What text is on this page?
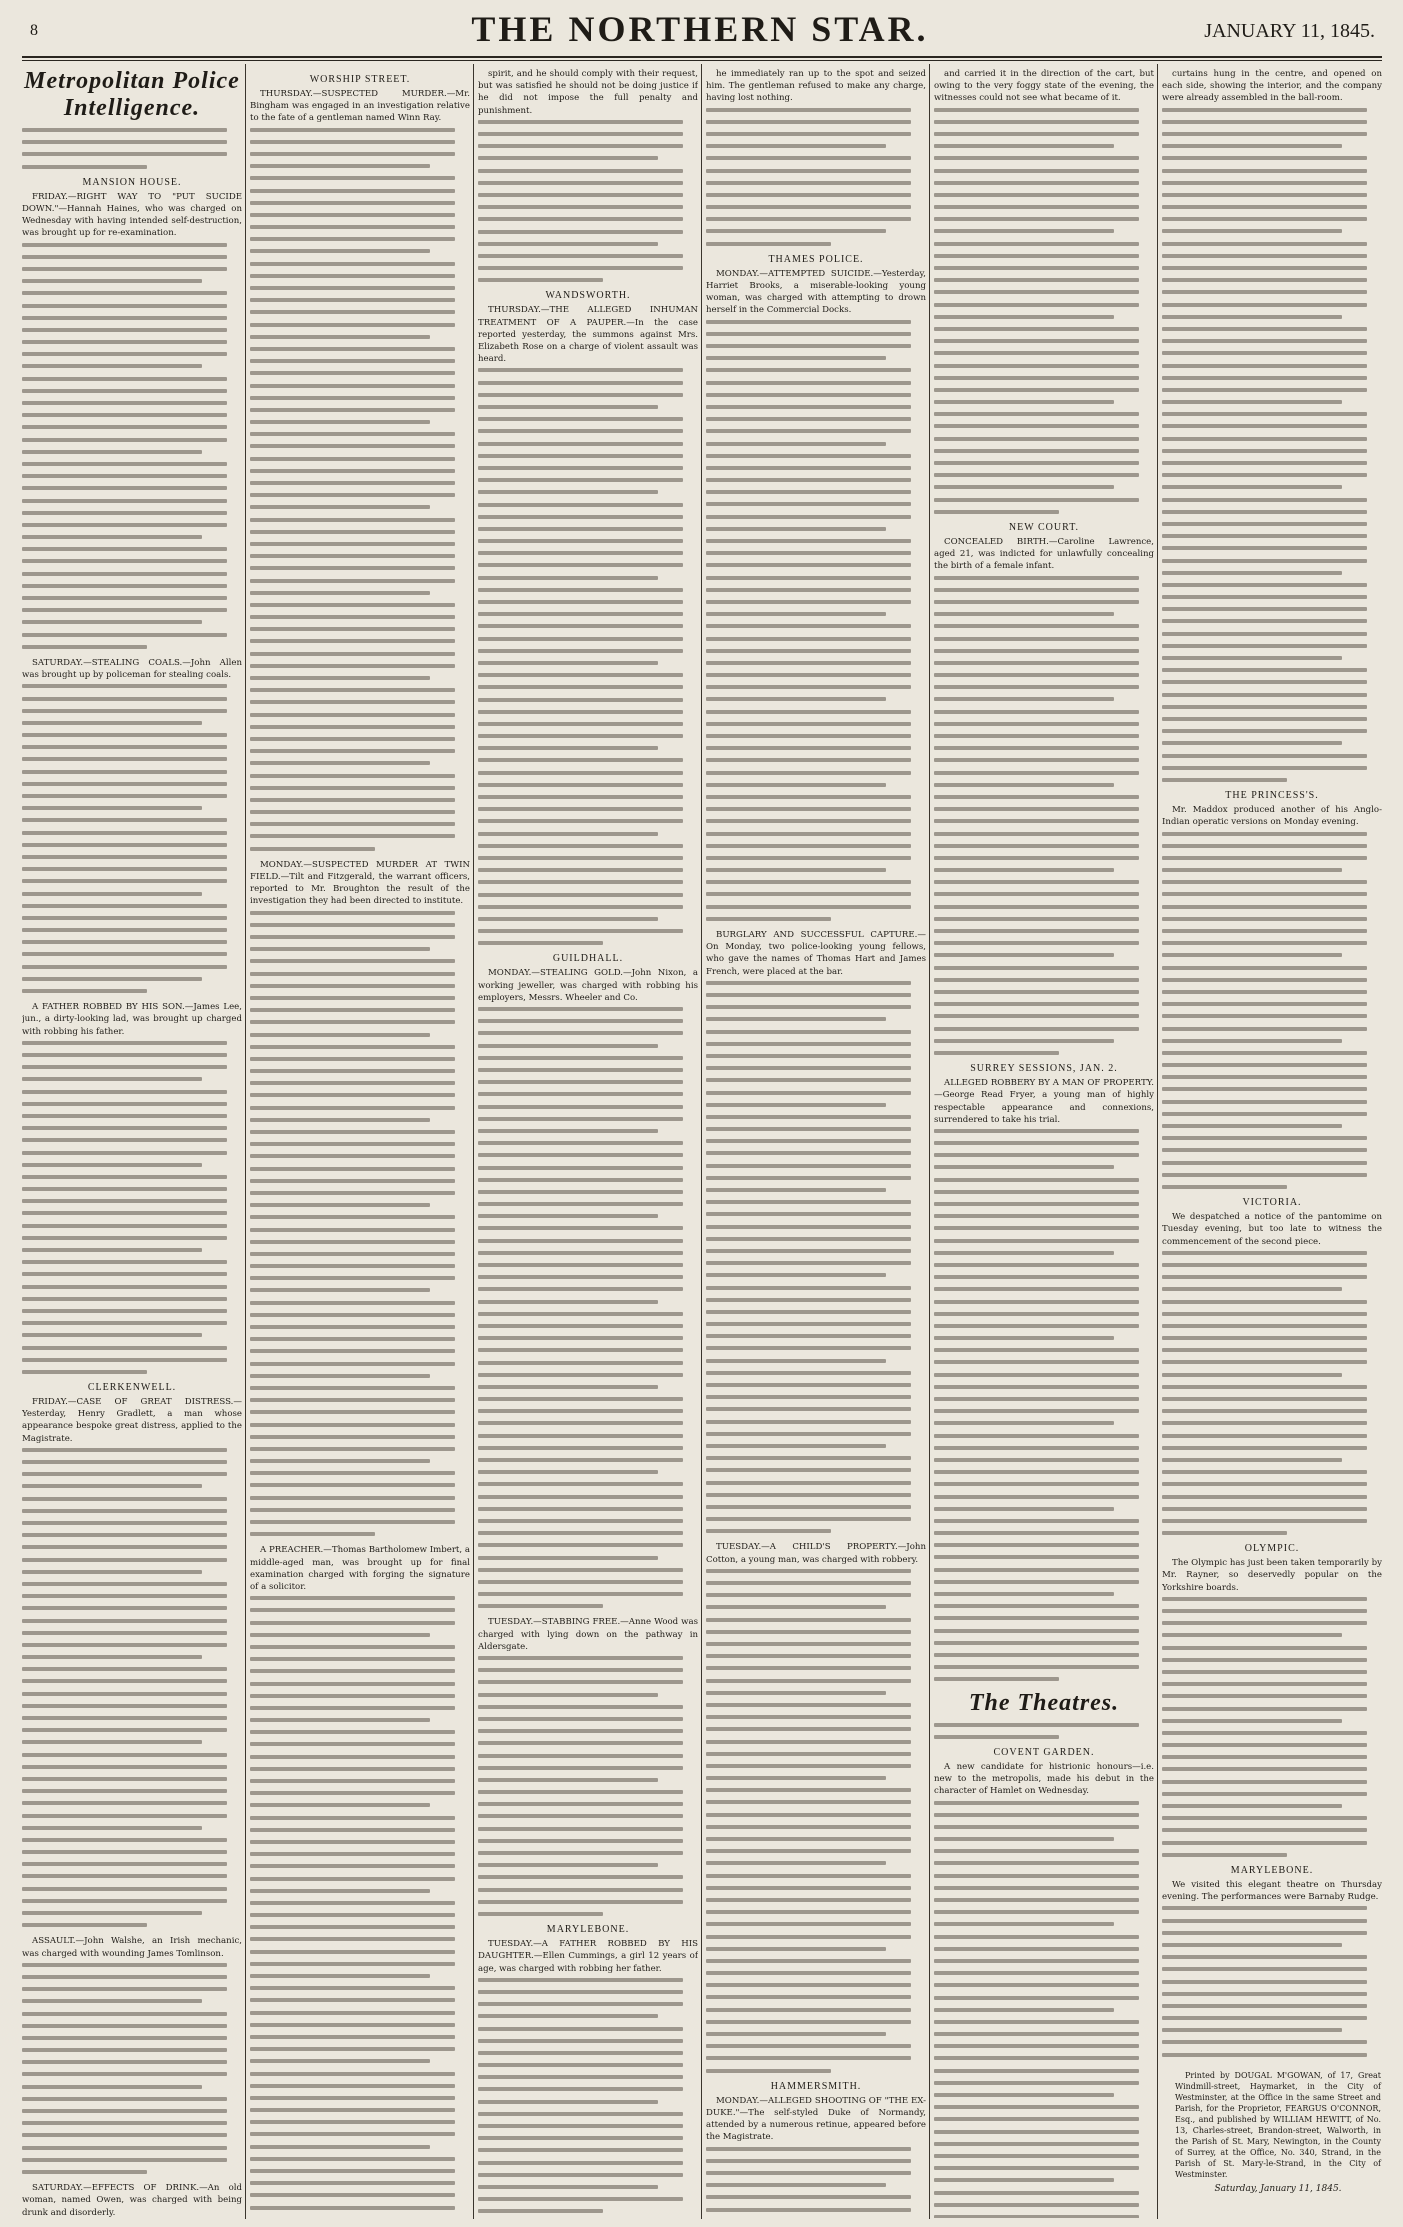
8	THE NORTHERN STAR.	JANUARY 11, 1845.
Metropolitan Police Intelligence.
MANSION HOUSE.

FRIDAY.—RIGHT WAY TO "PUT SUCIDE DOWN."—Hannah Haines, who was charged on Wednesday with having intended self-destruction, was brought up for re-examination.

SATURDAY.—STEALING COALS.—John Allen was brought up by policeman for stealing coals.

A FATHER ROBBED BY HIS SON.—James Lee, jun., a dirty-looking lad, was brought up charged with robbing his father.

CLERKENWELL.

FRIDAY.—CASE OF GREAT DISTRESS.—Yesterday, Henry Gradlett, a man whose appearance bespoke great distress, applied to the Magistrate.

ASSAULT.—John Walshe, an Irish mechanic, was charged with wounding James Tomlinson.

SATURDAY.—EFFECTS OF DRINK.—An old woman, named Owen, was charged with being drunk and disorderly.

WORSHIP STREET.

THURSDAY.—SUSPECTED MURDER.—Mr. Bingham was engaged in an investigation relative to the fate of a gentleman named Winn Ray.

MONDAY.—SUSPECTED MURDER AT TWIN FIELD.—Tilt and Fitzgerald, the warrant officers, reported to Mr. Broughton the result of the investigation they had been directed to institute.

A PREACHER.—Thomas Bartholomew Imbert, a middle-aged man, was brought up for final examination charged with forging the signature of a solicitor.

spirit, and he should comply with their request, but was satisfied he should not be doing justice if he did not impose the full penalty and punishment.

WANDSWORTH.

THURSDAY.—THE ALLEGED INHUMAN TREATMENT OF A PAUPER.—In the case reported yesterday, the summons against Mrs. Elizabeth Rose on a charge of violent assault was heard.

GUILDHALL.

MONDAY.—STEALING GOLD.—John Nixon, a working jeweller, was charged with robbing his employers, Messrs. Wheeler and Co.

TUESDAY.—STABBING FREE.—Anne Wood was charged with lying down on the pathway in Aldersgate.

MARYLEBONE.

TUESDAY.—A FATHER ROBBED BY HIS DAUGHTER.—Ellen Cummings, a girl 12 years of age, was charged with robbing her father.

he immediately ran up to the spot and seized him. The gentleman refused to make any charge, having lost nothing.

THAMES POLICE.

MONDAY.—ATTEMPTED SUICIDE.—Yesterday, Harriet Brooks, a miserable-looking young woman, was charged with attempting to drown herself in the Commercial Docks.

BURGLARY AND SUCCESSFUL CAPTURE.—On Monday, two police-looking young fellows, who gave the names of Thomas Hart and James French, were placed at the bar.

TUESDAY.—A CHILD'S PROPERTY.—John Cotton, a young man, was charged with robbery.

HAMMERSMITH.

MONDAY.—ALLEGED SHOOTING OF "THE EX-DUKE."—The self-styled Duke of Normandy, attended by a numerous retinue, appeared before the Magistrate.

and carried it in the direction of the cart, but owing to the very foggy state of the evening, the witnesses could not see what became of it.

NEW COURT.

CONCEALED BIRTH.—Caroline Lawrence, aged 21, was indicted for unlawfully concealing the birth of a female infant.

SURREY SESSIONS, JAN. 2.

ALLEGED ROBBERY BY A MAN OF PROPERTY.—George Read Fryer, a young man of highly respectable appearance and connexions, surrendered to take his trial.

The Theatres.
COVENT GARDEN.

A new candidate for histrionic honours—i.e. new to the metropolis, made his debut in the character of Hamlet on Wednesday.

curtains hung in the centre, and opened on each side, showing the interior, and the company were already assembled in the ball-room.

THE PRINCESS'S.

Mr. Maddox produced another of his Anglo-Indian operatic versions on Monday evening.

VICTORIA.

We despatched a notice of the pantomime on Tuesday evening, but too late to witness the commencement of the second piece.

OLYMPIC.

The Olympic has just been taken temporarily by Mr. Rayner, so deservedly popular on the Yorkshire boards.

MARYLEBONE.

We visited this elegant theatre on Thursday evening. The performances were Barnaby Rudge.

Printed by DOUGAL M'GOWAN, of 17, Great Windmill-street, Haymarket, in the City of Westminster, at the Office in the same Street and Parish, for the Proprietor, FEARGUS O'CONNOR, Esq., and published by WILLIAM HEWITT, of No. 13, Charles-street, Brandon-street, Walworth, in the Parish of St. Mary, Newington, in the County of Surrey, at the Office, No. 340, Strand, in the Parish of St. Mary-le-Strand, in the City of Westminster.

Saturday, January 11, 1845.
